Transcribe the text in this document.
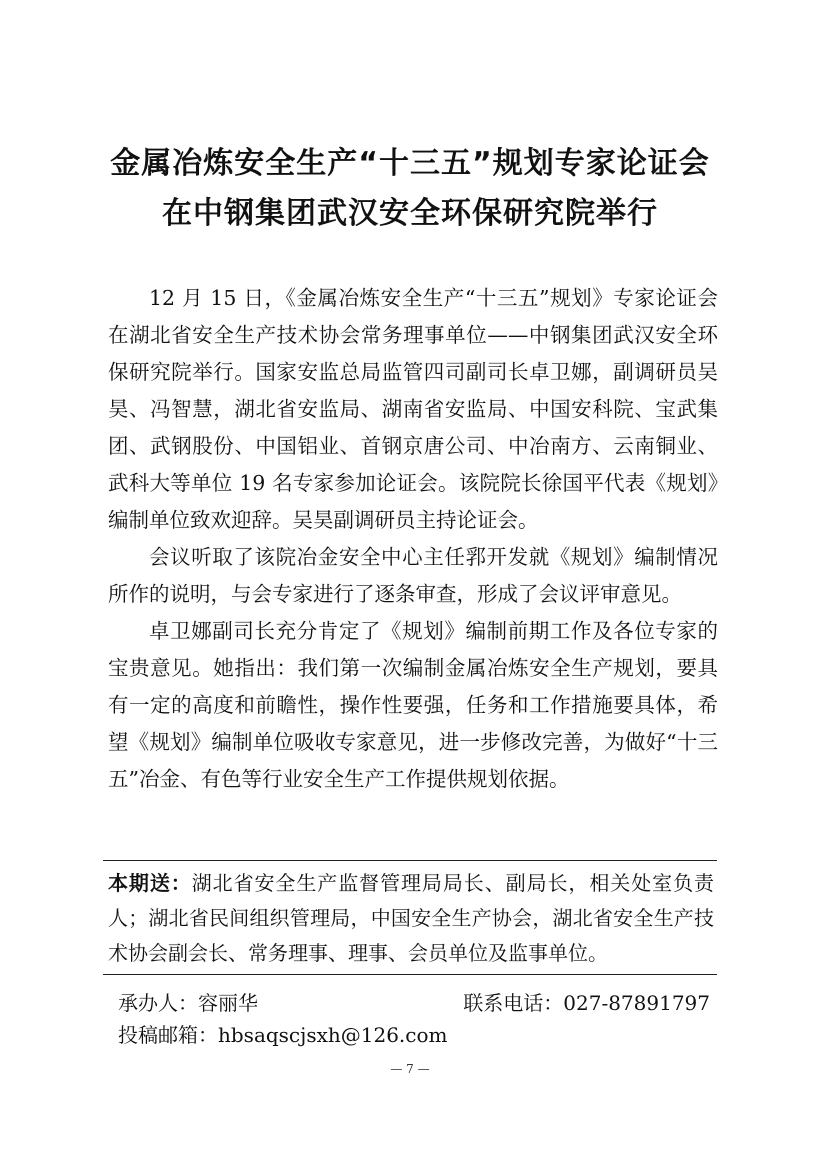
金属冶炼安全生产“十三五”规划专家论证会
在中钢集团武汉安全环保研究院举行

12 月 15 日，《金属冶炼安全生产“十三五”规划》专家论证会在湖北省安全生产技术协会常务理事单位——中钢集团武汉安全环保研究院举行。国家安监总局监管四司副司长卓卫娜，副调研员吴昊、冯智慧，湖北省安监局、湖南省安监局、中国安科院、宝武集团、武钢股份、中国铝业、首钢京唐公司、中冶南方、云南铜业、武科大等单位 19 名专家参加论证会。该院院长徐国平代表《规划》编制单位致欢迎辞。吴昊副调研员主持论证会。

会议听取了该院冶金安全中心主任郛开发就《规划》编制情况所作的说明，与会专家进行了逐条审查，形成了会议评审意见。

卓卫娜副司长充分肯定了《规划》编制前期工作及各位专家的宝贵意见。她指出：我们第一次编制金属冶炼安全生产规划，要具有一定的高度和前瞻性，操作性要强，任务和工作措施要具体，希望《规划》编制单位吸收专家意见，进一步修改完善，为做好“十三五”冶金、有色等行业安全生产工作提供规划依据。

本期送：湖北省安全生产监督管理局局长、副局长，相关处室负责人；湖北省民间组织管理局，中国安全生产协会，湖北省安全生产技术协会副会长、常务理事、理事、会员单位及监事单位。
承办人：容丽华	联系电话：027-87891797
投稿邮箱：hbsaqscjsxh@126.com
— 7 —
